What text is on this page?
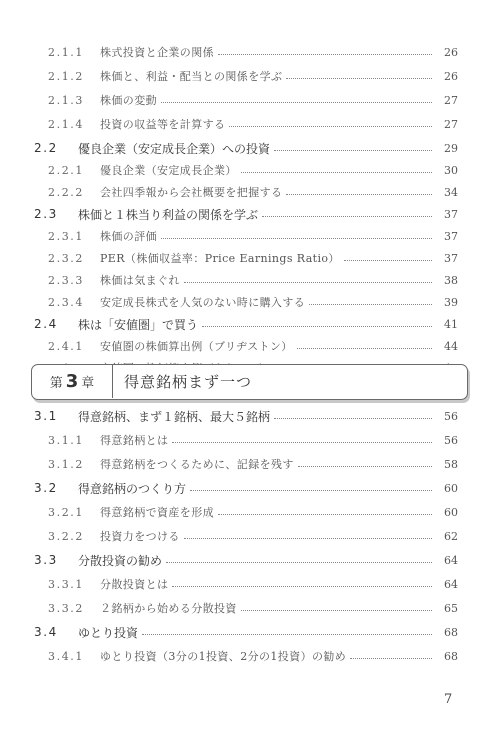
2.1.1	株式投資と企業の関係	26
2.1.2	株価と、利益・配当との関係を学ぶ	26
2.1.3	株価の変動	27
2.1.4	投資の収益等を計算する	27
2.2	優良企業（安定成長企業）への投資	29
2.2.1	優良企業（安定成長企業）	30
2.2.2	会社四季報から会社概要を把握する	34
2.3	株価と１株当り利益の関係を学ぶ	37
2.3.1	株価の評価	37
2.3.2	PER（株価収益率：Price Earnings Ratio）	37
2.3.3	株価は気まぐれ	38
2.3.4	安定成長株式を人気のない時に購入する	39
2.4	株は「安値圏」で買う	41
2.4.1	安値圏の株価算出例（ブリヂストン）	44
第 3 章 得意銘柄まず一つ
3.1	得意銘柄、まず１銘柄、最大５銘柄	56
3.1.1	得意銘柄とは	56
3.1.2	得意銘柄をつくるために、記録を残す	58
3.2	得意銘柄のつくり方	60
3.2.1	得意銘柄で資産を形成	60
3.2.2	投資力をつける	62
3.3	分散投資の勧め	64
3.3.1	分散投資とは	64
3.3.2	２銘柄から始める分散投資	65
3.4	ゆとり投資	68
3.4.1	ゆとり投資（3分の1投資、2分の1投資）の勧め	68
7
